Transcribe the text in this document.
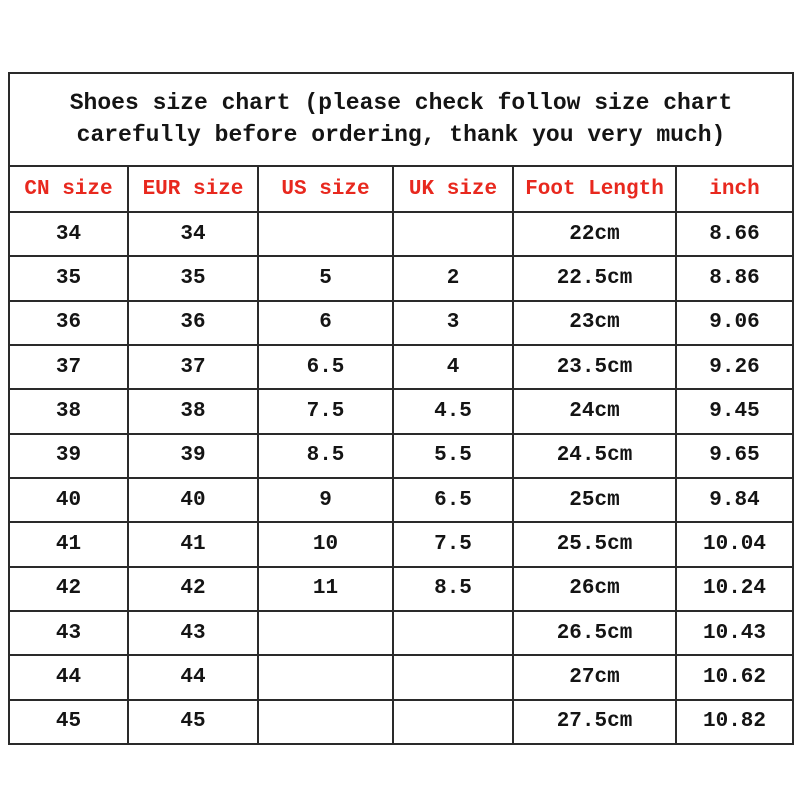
Shoes size chart (please check follow size chart
carefully before ordering, thank you very much)					

CN size	EUR size	US size	UK size	Foot Length	inch
34	34			22cm	8.66
35	35	5	2	22.5cm	8.86
36	36	6	3	23cm	9.06
37	37	6.5	4	23.5cm	9.26
38	38	7.5	4.5	24cm	9.45
39	39	8.5	5.5	24.5cm	9.65
40	40	9	6.5	25cm	9.84
41	41	10	7.5	25.5cm	10.04
42	42	11	8.5	26cm	10.24
43	43			26.5cm	10.43
44	44			27cm	10.62
45	45			27.5cm	10.82
